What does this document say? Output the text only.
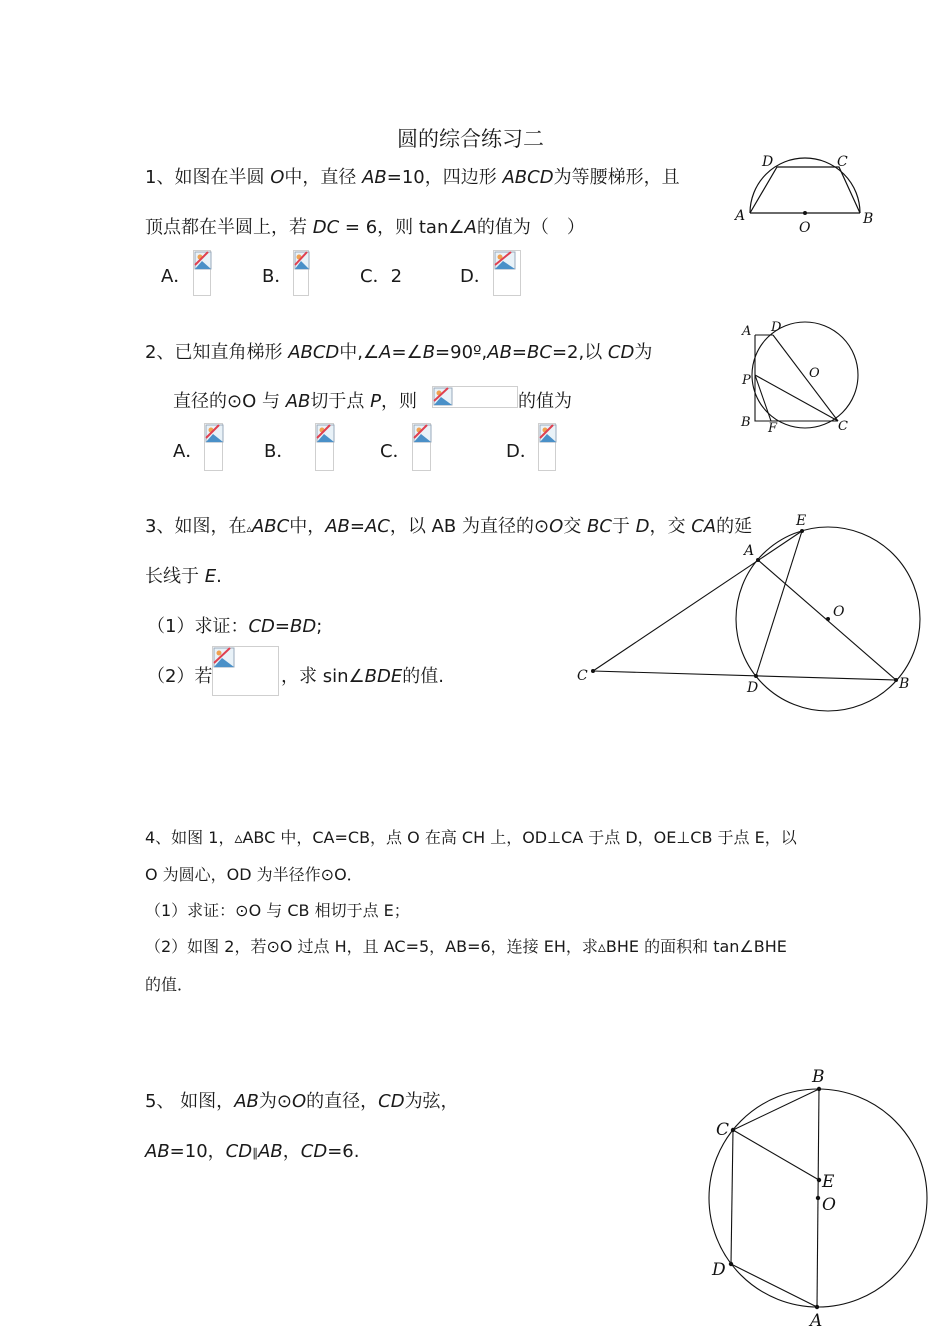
圆的综合练习二
1、如图在半圆 O中，直径 AB=10，四边形 ABCD为等腰梯形，且
顶点都在半圆上，若 DC = 6，则 tan∠A的值为（　）
A．	B．	C．2	D．
D	C
A
O
B
2、已知直角梯形 ABCD中,∠A=∠B=90º,AB=BC=2,以 CD为
直径的⊙O 与 AB切于点 P，则	的值为
A．	B．	C．	D．
A D
O
P
B F	C
3、如图，在▵ABC中，AB=AC，以 AB 为直径的⊙O交 BC于 D，交 CA的延
长线于 E.
（1）求证：CD=BD;
（2）若	，求 sin∠BDE的值.
E
A
O
C
D	B
4、如图 1，▵ABC 中，CA=CB，点 O 在高 CH 上，OD⊥CA 于点 D，OE⊥CB 于点 E，以
O 为圆心，OD 为半径作⊙O．
（1）求证：⊙O 与 CB 相切于点 E；
（2）如图 2，若⊙O 过点 H，且 AC=5，AB=6，连接 EH，求▵BHE 的面积和 tan∠BHE
的值．
5、 如图，AB为⊙O的直径，CD为弦，
AB=10，CD∥AB，CD=6.
B
C
E
O
D
A
